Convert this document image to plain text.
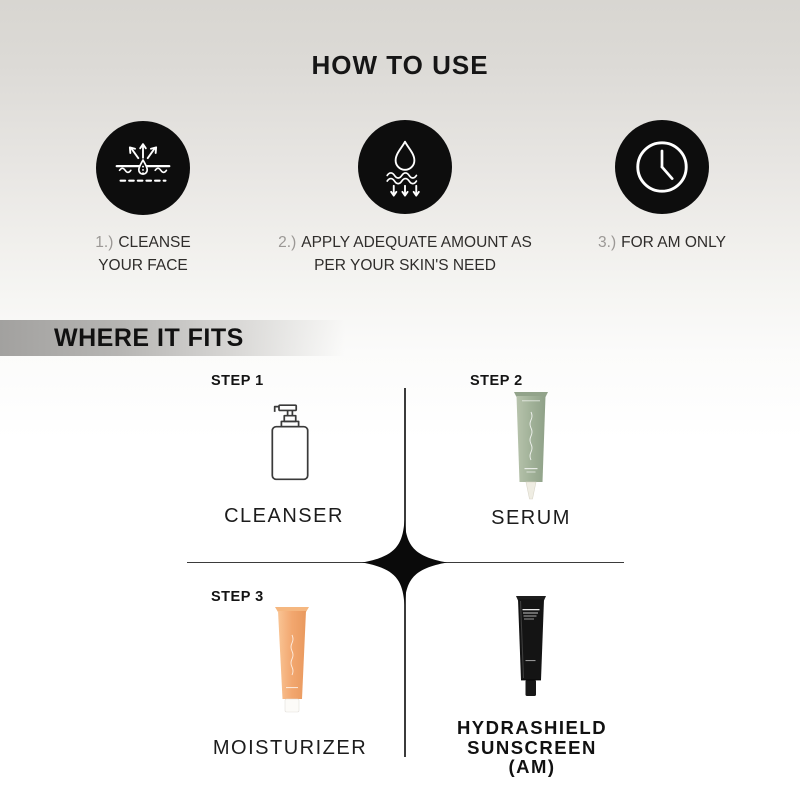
HOW TO USE
1.) CLEANSE YOUR FACE
2.) APPLY ADEQUATE AMOUNT AS PER YOUR SKIN'S NEED
3.) FOR AM ONLY
WHERE IT FITS
STEP 1
CLEANSER
STEP 2
SERUM
STEP 3
MOISTURIZER
HYDRASHIELD
SUNSCREEN
(AM)
